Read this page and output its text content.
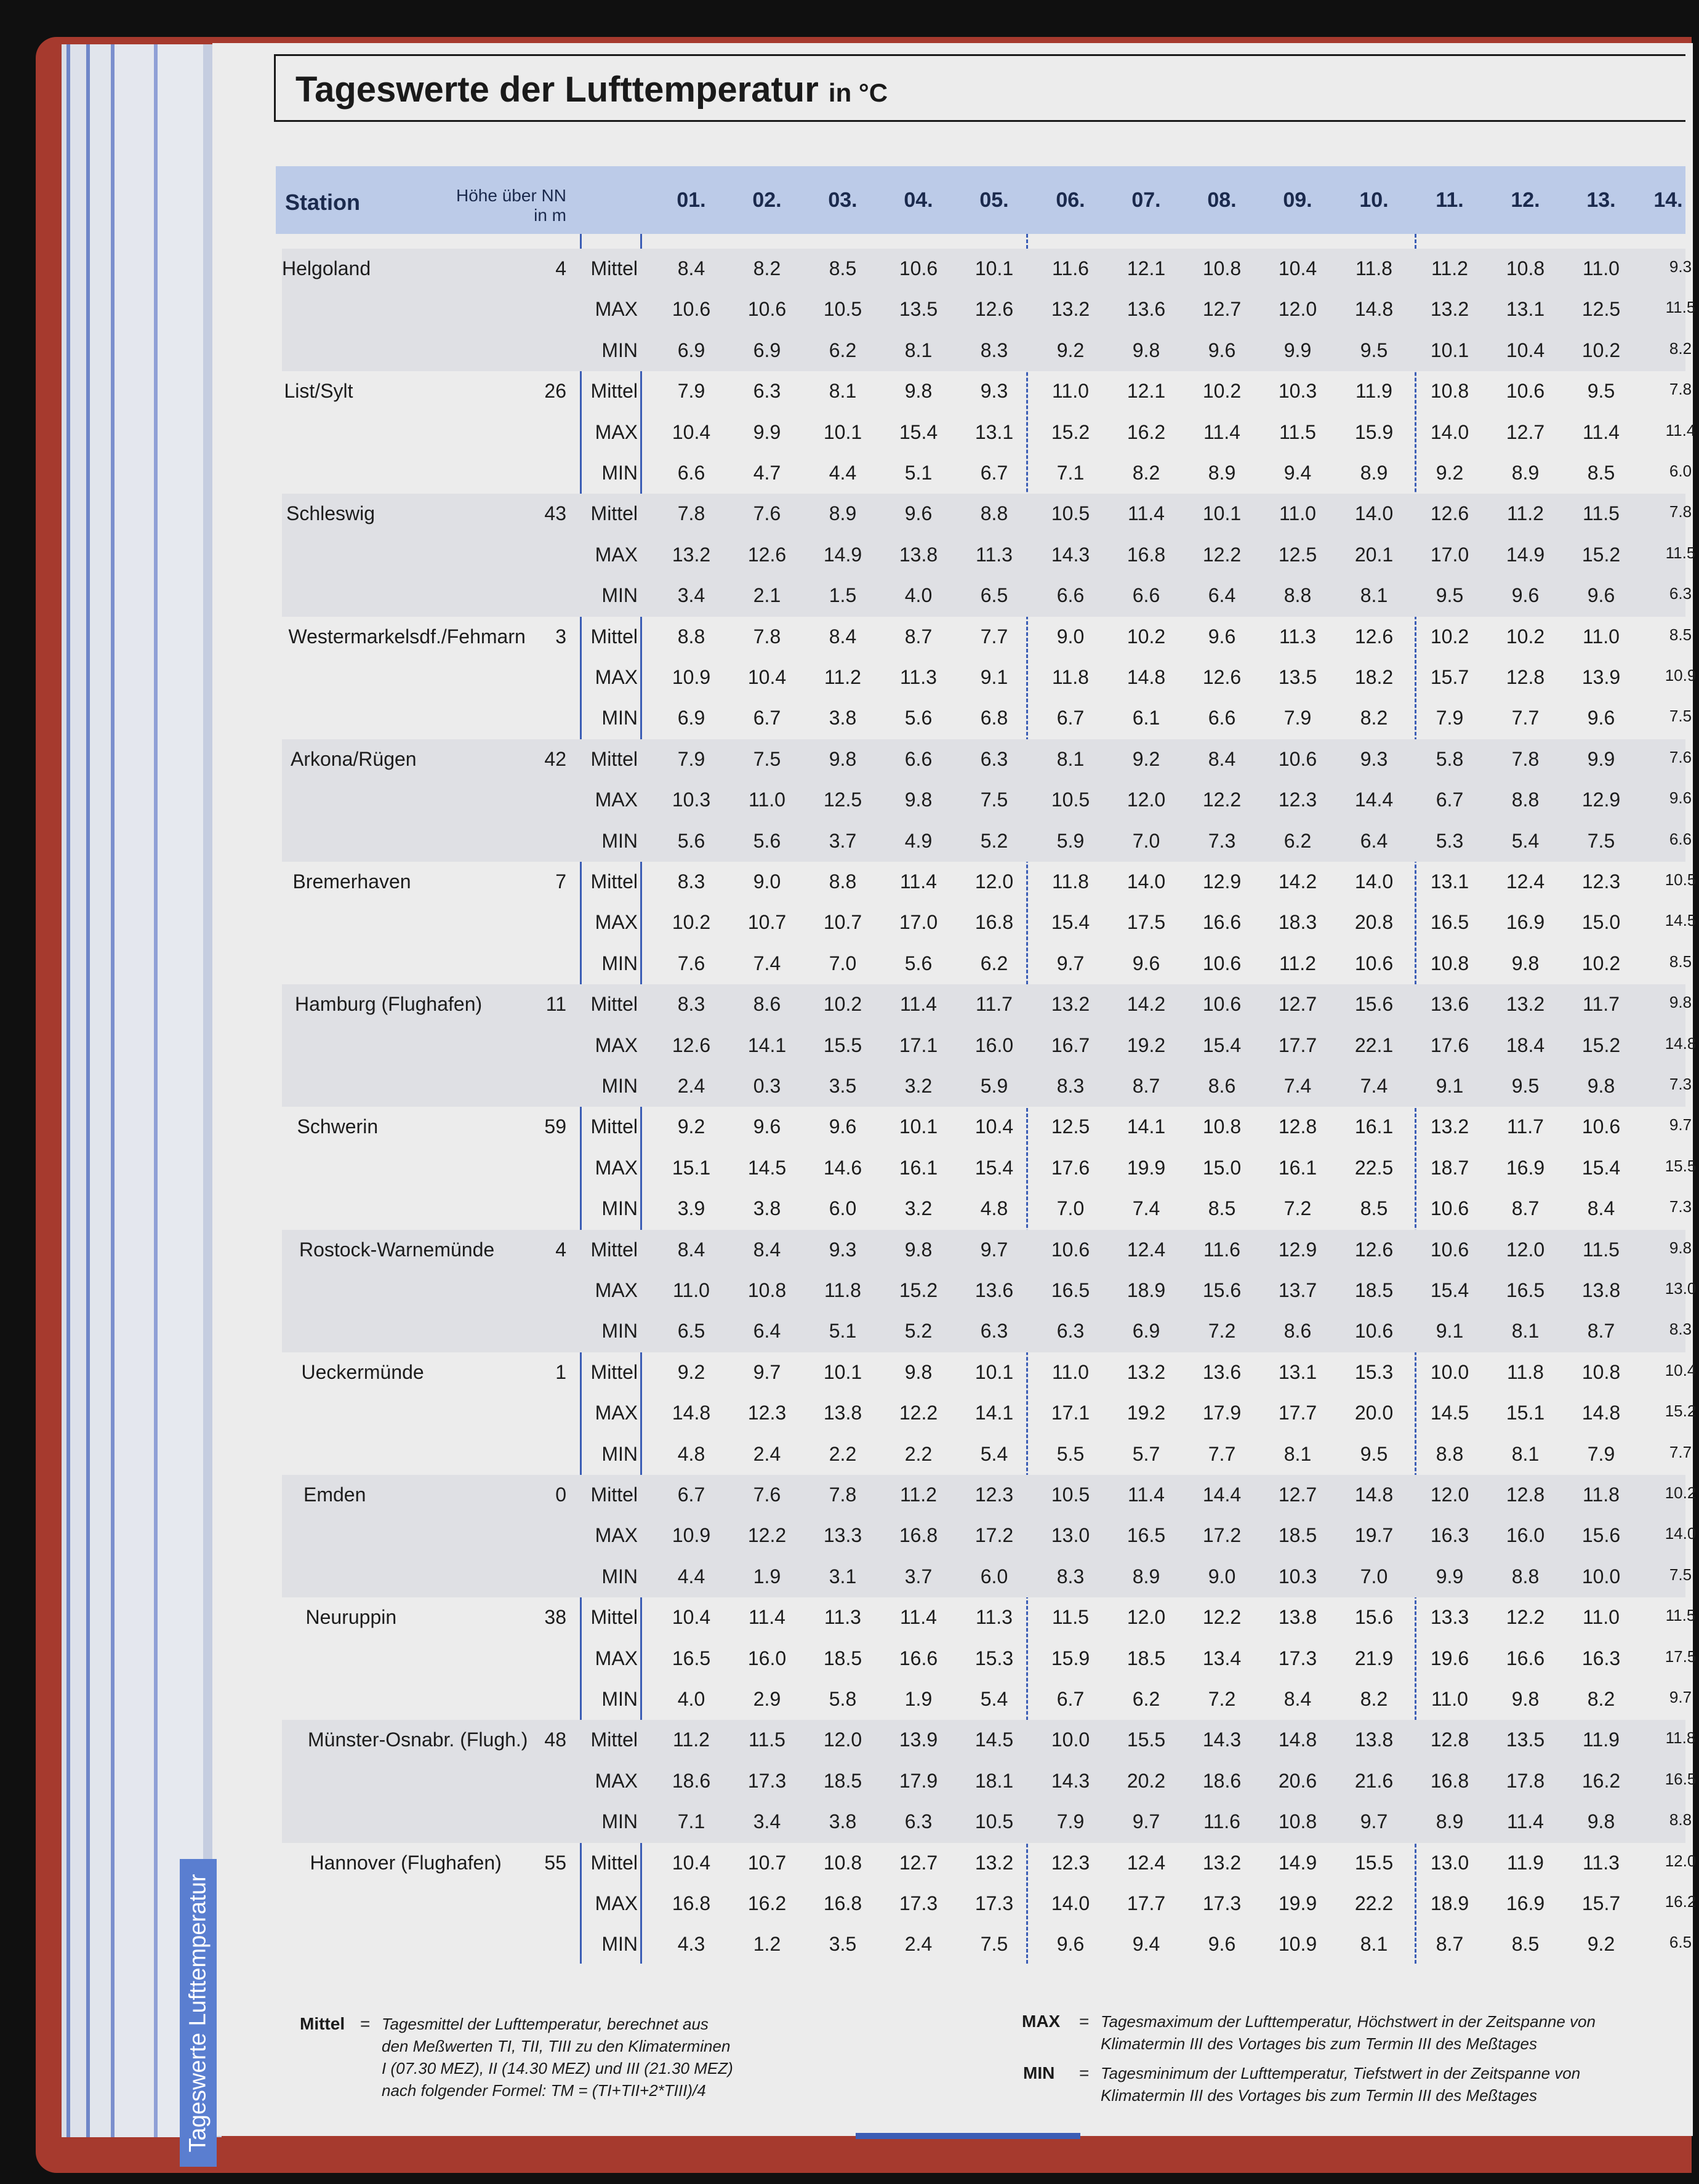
Tageswerte Lufttemperatur
Tageswerte der Lufttemperatur in °C
Station	Höhe über NN
in m
Mittel = Tagesmittel der Lufttemperatur, berechnet aus
den Meßwerten TI, TII, TIII zu den Klimaterminen
I (07.30 MEZ), II (14.30 MEZ) und III (21.30 MEZ)
nach folgender Formel: TM = (TI+TII+2*TIII)/4
MAX = Tagesmaximum der Lufttemperatur, Höchstwert in der Zeitspanne von
Klimatermin III des Vortages bis zum Termin III des Meßtages
MIN = Tagesminimum der Lufttemperatur, Tiefstwert in der Zeitspanne von
Klimatermin III des Vortages bis zum Termin III des Meßtages
01.	02.	03.	04.	05.	06.	07.	08.	09.	10.	11.	12.	13.	14.
Helgoland	4	Mittel	8.4	8.2	8.5	10.6	10.1	11.6	12.1	10.8	10.4	11.8	11.2	10.8	11.0	9.3
MAX	10.6	10.6	10.5	13.5	12.6	13.2	13.6	12.7	12.0	14.8	13.2	13.1	12.5	11.5
MIN	6.9	6.9	6.2	8.1	8.3	9.2	9.8	9.6	9.9	9.5	10.1	10.4	10.2	8.2
List/Sylt	26	Mittel	7.9	6.3	8.1	9.8	9.3	11.0	12.1	10.2	10.3	11.9	10.8	10.6	9.5	7.8
MAX	10.4	9.9	10.1	15.4	13.1	15.2	16.2	11.4	11.5	15.9	14.0	12.7	11.4	11.4
MIN	6.6	4.7	4.4	5.1	6.7	7.1	8.2	8.9	9.4	8.9	9.2	8.9	8.5	6.0
Schleswig	43	Mittel	7.8	7.6	8.9	9.6	8.8	10.5	11.4	10.1	11.0	14.0	12.6	11.2	11.5	7.8
MAX	13.2	12.6	14.9	13.8	11.3	14.3	16.8	12.2	12.5	20.1	17.0	14.9	15.2	11.5
MIN	3.4	2.1	1.5	4.0	6.5	6.6	6.6	6.4	8.8	8.1	9.5	9.6	9.6	6.3
Westermarkelsdf./Fehmarn	3	Mittel	8.8	7.8	8.4	8.7	7.7	9.0	10.2	9.6	11.3	12.6	10.2	10.2	11.0	8.5
MAX	10.9	10.4	11.2	11.3	9.1	11.8	14.8	12.6	13.5	18.2	15.7	12.8	13.9	10.9
MIN	6.9	6.7	3.8	5.6	6.8	6.7	6.1	6.6	7.9	8.2	7.9	7.7	9.6	7.5
Arkona/Rügen	42	Mittel	7.9	7.5	9.8	6.6	6.3	8.1	9.2	8.4	10.6	9.3	5.8	7.8	9.9	7.6
MAX	10.3	11.0	12.5	9.8	7.5	10.5	12.0	12.2	12.3	14.4	6.7	8.8	12.9	9.6
MIN	5.6	5.6	3.7	4.9	5.2	5.9	7.0	7.3	6.2	6.4	5.3	5.4	7.5	6.6
Bremerhaven	7	Mittel	8.3	9.0	8.8	11.4	12.0	11.8	14.0	12.9	14.2	14.0	13.1	12.4	12.3	10.5
MAX	10.2	10.7	10.7	17.0	16.8	15.4	17.5	16.6	18.3	20.8	16.5	16.9	15.0	14.5
MIN	7.6	7.4	7.0	5.6	6.2	9.7	9.6	10.6	11.2	10.6	10.8	9.8	10.2	8.5
Hamburg (Flughafen)	11	Mittel	8.3	8.6	10.2	11.4	11.7	13.2	14.2	10.6	12.7	15.6	13.6	13.2	11.7	9.8
MAX	12.6	14.1	15.5	17.1	16.0	16.7	19.2	15.4	17.7	22.1	17.6	18.4	15.2	14.8
MIN	2.4	0.3	3.5	3.2	5.9	8.3	8.7	8.6	7.4	7.4	9.1	9.5	9.8	7.3
Schwerin	59	Mittel	9.2	9.6	9.6	10.1	10.4	12.5	14.1	10.8	12.8	16.1	13.2	11.7	10.6	9.7
MAX	15.1	14.5	14.6	16.1	15.4	17.6	19.9	15.0	16.1	22.5	18.7	16.9	15.4	15.5
MIN	3.9	3.8	6.0	3.2	4.8	7.0	7.4	8.5	7.2	8.5	10.6	8.7	8.4	7.3
Rostock-Warnemünde	4	Mittel	8.4	8.4	9.3	9.8	9.7	10.6	12.4	11.6	12.9	12.6	10.6	12.0	11.5	9.8
MAX	11.0	10.8	11.8	15.2	13.6	16.5	18.9	15.6	13.7	18.5	15.4	16.5	13.8	13.0
MIN	6.5	6.4	5.1	5.2	6.3	6.3	6.9	7.2	8.6	10.6	9.1	8.1	8.7	8.3
Ueckermünde	1	Mittel	9.2	9.7	10.1	9.8	10.1	11.0	13.2	13.6	13.1	15.3	10.0	11.8	10.8	10.4
MAX	14.8	12.3	13.8	12.2	14.1	17.1	19.2	17.9	17.7	20.0	14.5	15.1	14.8	15.2
MIN	4.8	2.4	2.2	2.2	5.4	5.5	5.7	7.7	8.1	9.5	8.8	8.1	7.9	7.7
Emden	0	Mittel	6.7	7.6	7.8	11.2	12.3	10.5	11.4	14.4	12.7	14.8	12.0	12.8	11.8	10.2
MAX	10.9	12.2	13.3	16.8	17.2	13.0	16.5	17.2	18.5	19.7	16.3	16.0	15.6	14.0
MIN	4.4	1.9	3.1	3.7	6.0	8.3	8.9	9.0	10.3	7.0	9.9	8.8	10.0	7.5
Neuruppin	38	Mittel	10.4	11.4	11.3	11.4	11.3	11.5	12.0	12.2	13.8	15.6	13.3	12.2	11.0	11.5
MAX	16.5	16.0	18.5	16.6	15.3	15.9	18.5	13.4	17.3	21.9	19.6	16.6	16.3	17.5
MIN	4.0	2.9	5.8	1.9	5.4	6.7	6.2	7.2	8.4	8.2	11.0	9.8	8.2	9.7
Münster-Osnabr. (Flugh.) 48	Mittel	11.2	11.5	12.0	13.9	14.5	10.0	15.5	14.3	14.8	13.8	12.8	13.5	11.9	11.8
MAX	18.6	17.3	18.5	17.9	18.1	14.3	20.2	18.6	20.6	21.6	16.8	17.8	16.2	16.5
MIN	7.1	3.4	3.8	6.3	10.5	7.9	9.7	11.6	10.8	9.7	8.9	11.4	9.8	8.8
Hannover (Flughafen)	55	Mittel	10.4	10.7	10.8	12.7	13.2	12.3	12.4	13.2	14.9	15.5	13.0	11.9	11.3	12.0
MAX	16.8	16.2	16.8	17.3	17.3	14.0	17.7	17.3	19.9	22.2	18.9	16.9	15.7	16.2
MIN	4.3	1.2	3.5	2.4	7.5	9.6	9.4	9.6	10.9	8.1	8.7	8.5	9.2	6.5
